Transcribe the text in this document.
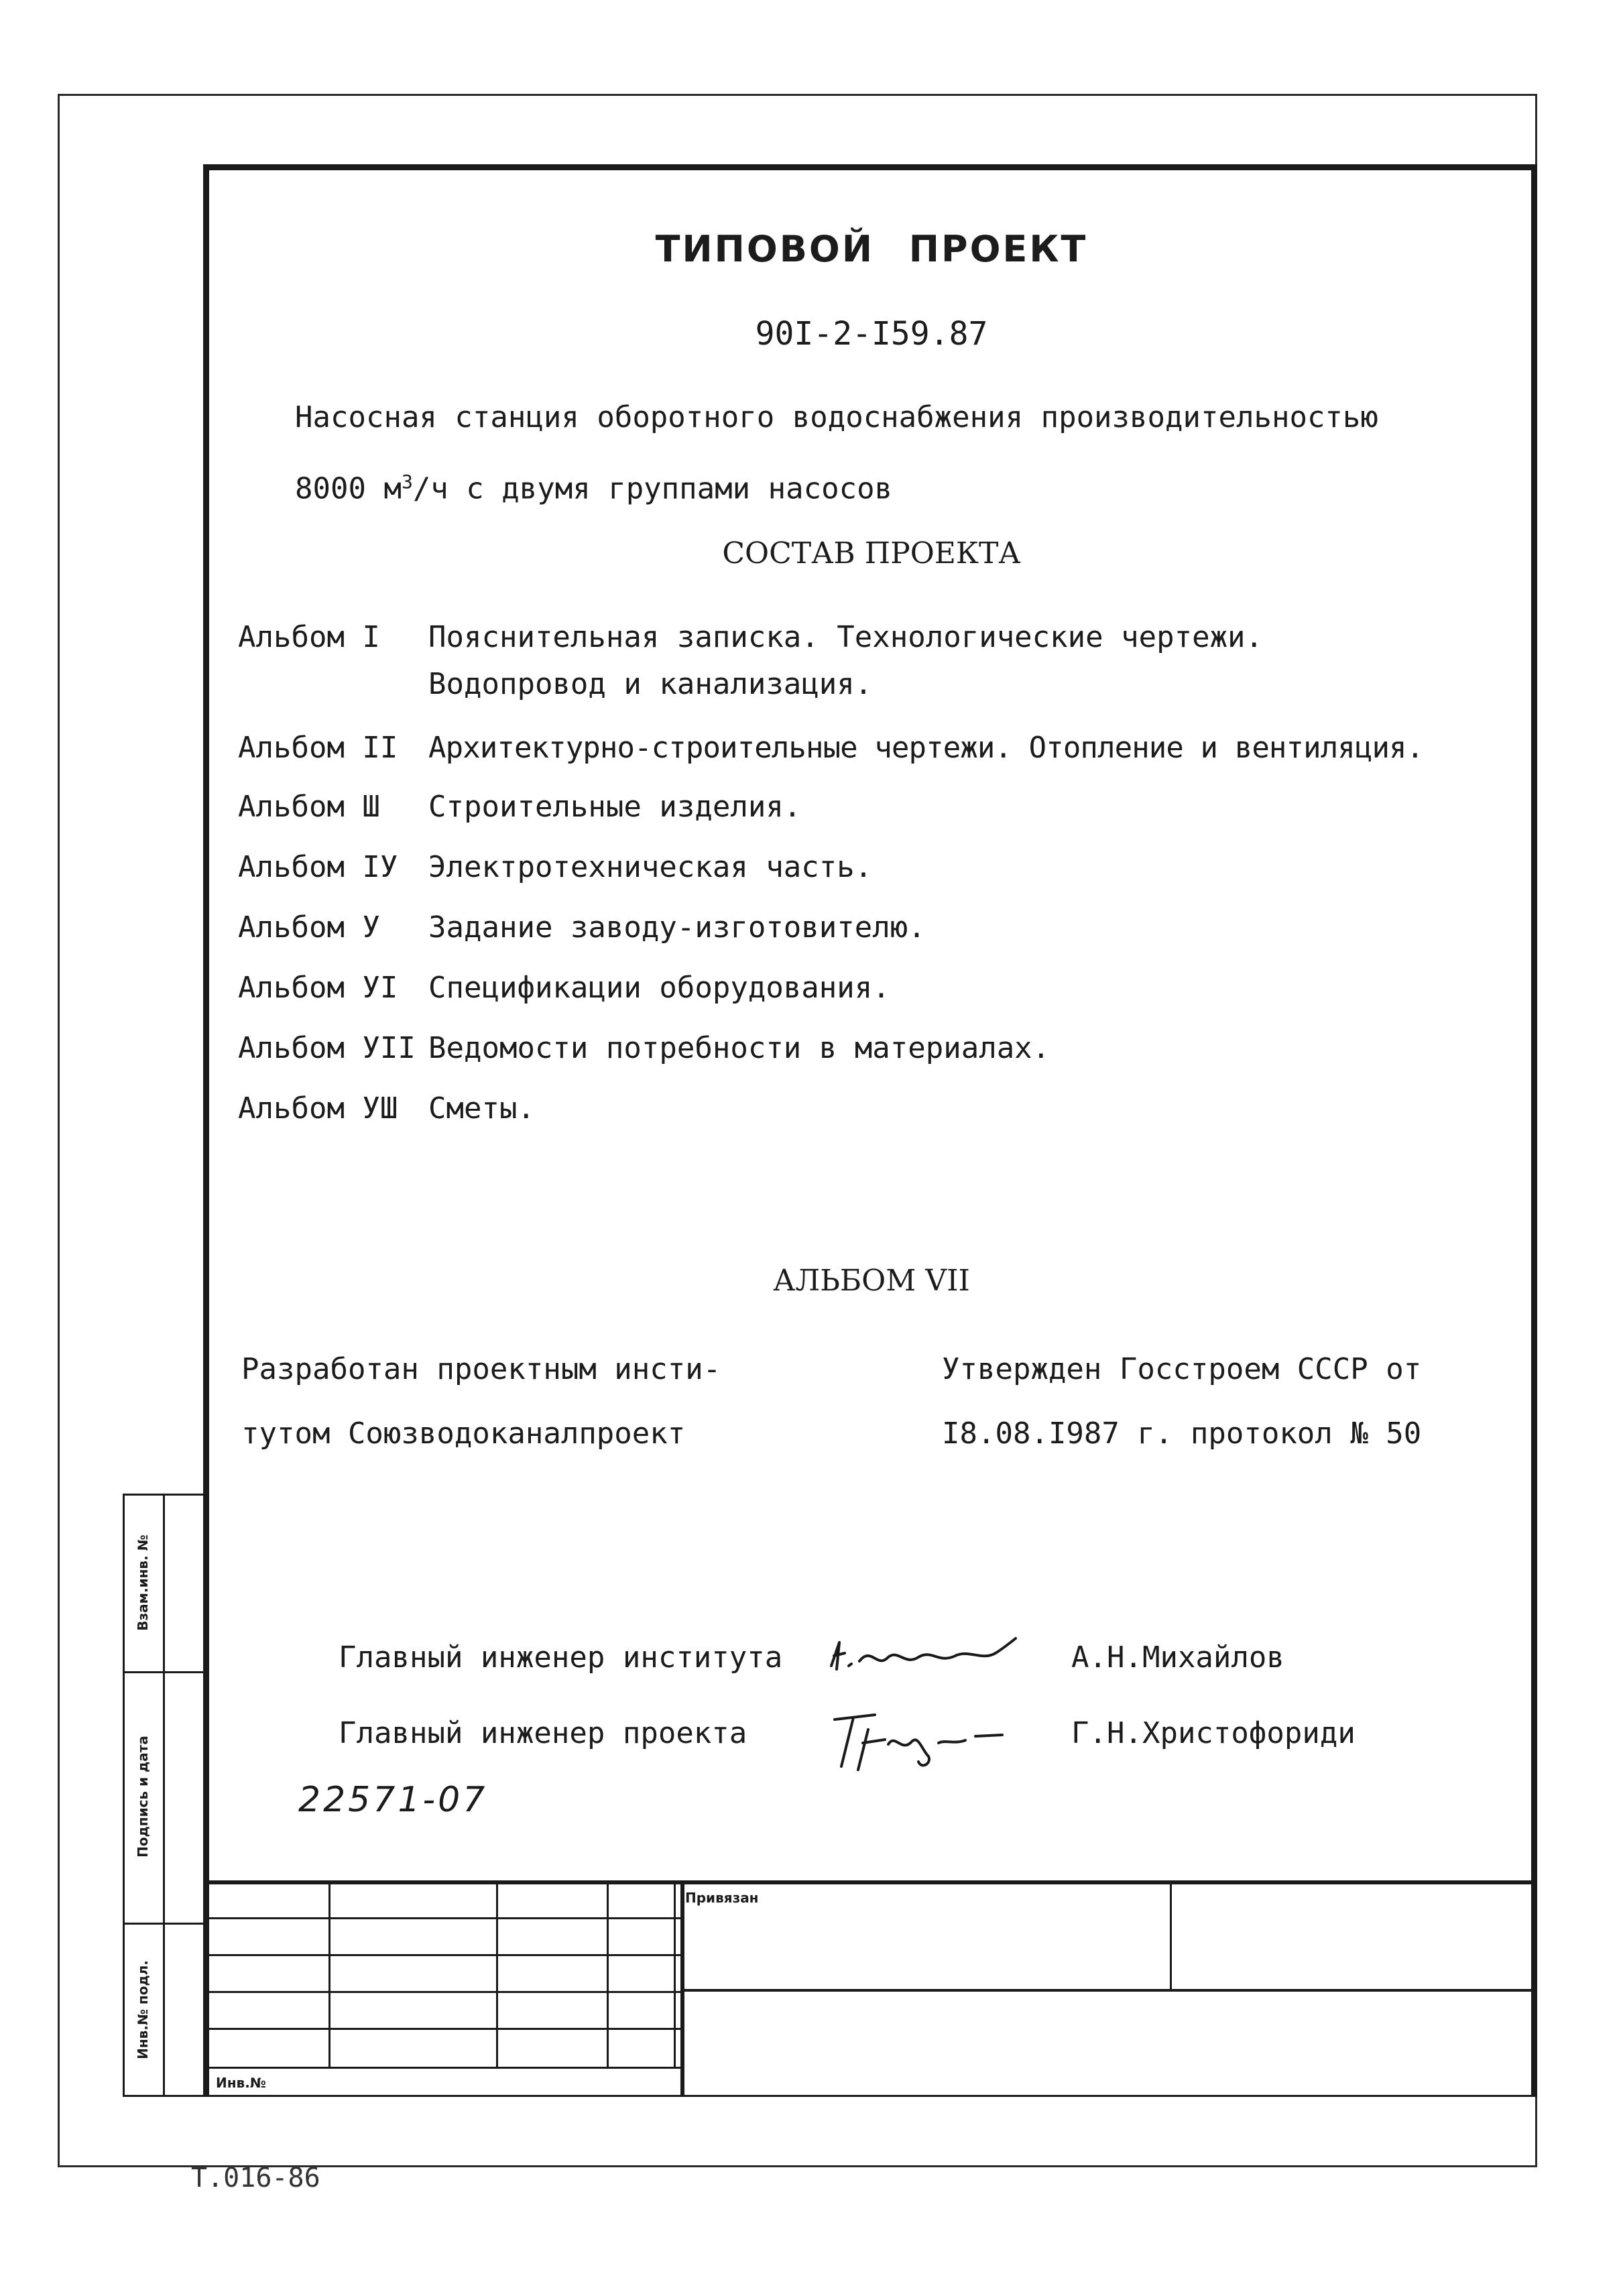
ТИПОВОЙ ПРОЕКТ
90I-2-I59.87
Насосная станция оборотного водоснабжения производительностью
8000 $м^3/ч$ с двумя группами насосов
СОСТАВ ПРОЕКТА
Альбом I Пояснительная записка. Технологические чертежи.
Водопровод и канализация.
Альбом II Архитектурно-строительные чертежи. Отопление и вентиляция.
Альбом Ш Строительные изделия.
Альбом IУ Электротехническая часть.
Альбом У Задание заводу-изготовителю.
Альбом УI Спецификации оборудования.
Альбом УII Ведомости потребности в материалах.
Альбом УШ Сметы.
АЛЬБОМ VII
Разработан проектным инсти-
тутом Союзводоканалпроект
Утвержден Госстроем СССР от
I8.08.I987 г. протокол № 50
Главный инженер института	А.Н.Михайлов
Главный инженер проекта	Г.Н.Христофориди
22571-07
Взам.инв. №
Подпись и дата
Инв.№ подл.
Привязан
Инв.№
Т.016-86
